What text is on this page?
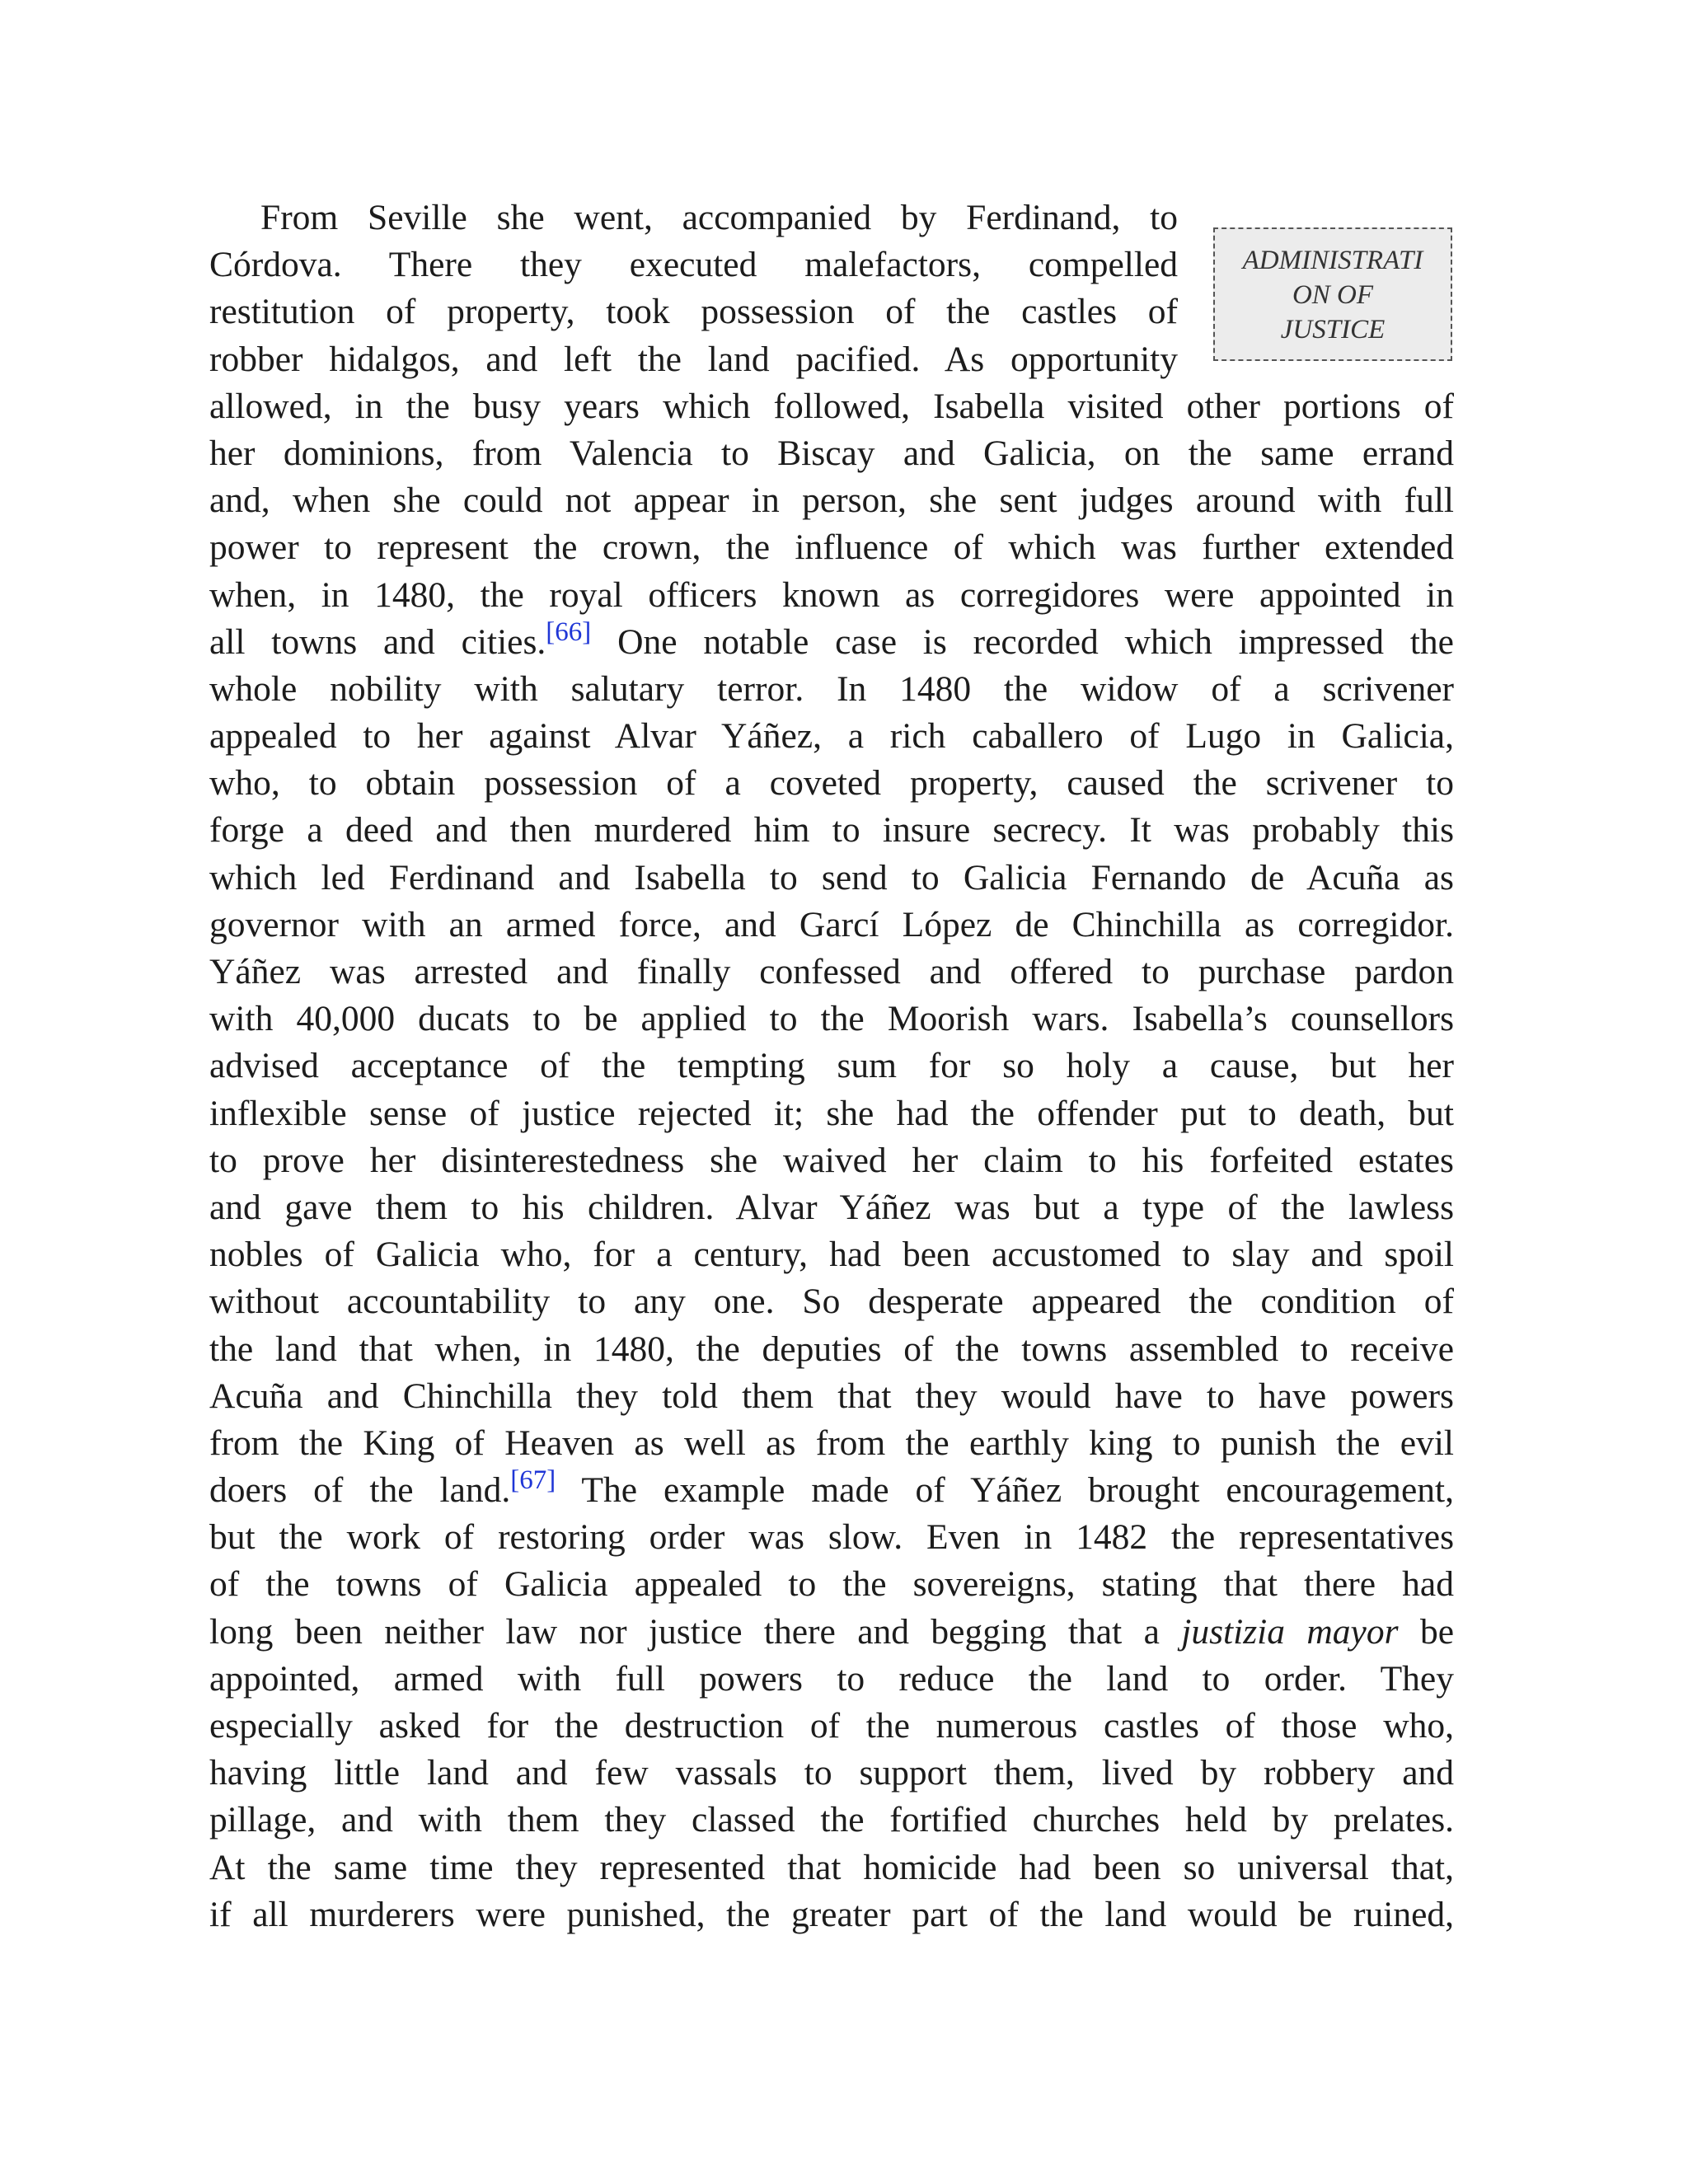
ADMINISTRATI
ON OF
JUSTICE
From Seville she went, accompanied by Ferdinand, to
Córdova. There they executed malefactors, compelled
restitution of property, took possession of the castles of
robber hidalgos, and left the land pacified. As opportunity
allowed, in the busy years which followed, Isabella visited other portions of
her dominions, from Valencia to Biscay and Galicia, on the same errand
and, when she could not appear in person, she sent judges around with full
power to represent the crown, the influence of which was further extended
when, in 1480, the royal officers known as corregidores were appointed in
all towns and cities.[66] One notable case is recorded which impressed the
whole nobility with salutary terror. In 1480 the widow of a scrivener
appealed to her against Alvar Yáñez, a rich caballero of Lugo in Galicia,
who, to obtain possession of a coveted property, caused the scrivener to
forge a deed and then murdered him to insure secrecy. It was probably this
which led Ferdinand and Isabella to send to Galicia Fernando de Acuña as
governor with an armed force, and Garcí López de Chinchilla as corregidor.
Yáñez was arrested and finally confessed and offered to purchase pardon
with 40,000 ducats to be applied to the Moorish wars. Isabella’s counsellors
advised acceptance of the tempting sum for so holy a cause, but her
inflexible sense of justice rejected it; she had the offender put to death, but
to prove her disinterestedness she waived her claim to his forfeited estates
and gave them to his children. Alvar Yáñez was but a type of the lawless
nobles of Galicia who, for a century, had been accustomed to slay and spoil
without accountability to any one. So desperate appeared the condition of
the land that when, in 1480, the deputies of the towns assembled to receive
Acuña and Chinchilla they told them that they would have to have powers
from the King of Heaven as well as from the earthly king to punish the evil
doers of the land.[67] The example made of Yáñez brought encouragement,
but the work of restoring order was slow. Even in 1482 the representatives
of the towns of Galicia appealed to the sovereigns, stating that there had
long been neither law nor justice there and begging that a justizia mayor be
appointed, armed with full powers to reduce the land to order. They
especially asked for the destruction of the numerous castles of those who,
having little land and few vassals to support them, lived by robbery and
pillage, and with them they classed the fortified churches held by prelates.
At the same time they represented that homicide had been so universal that,
if all murderers were punished, the greater part of the land would be ruined,
